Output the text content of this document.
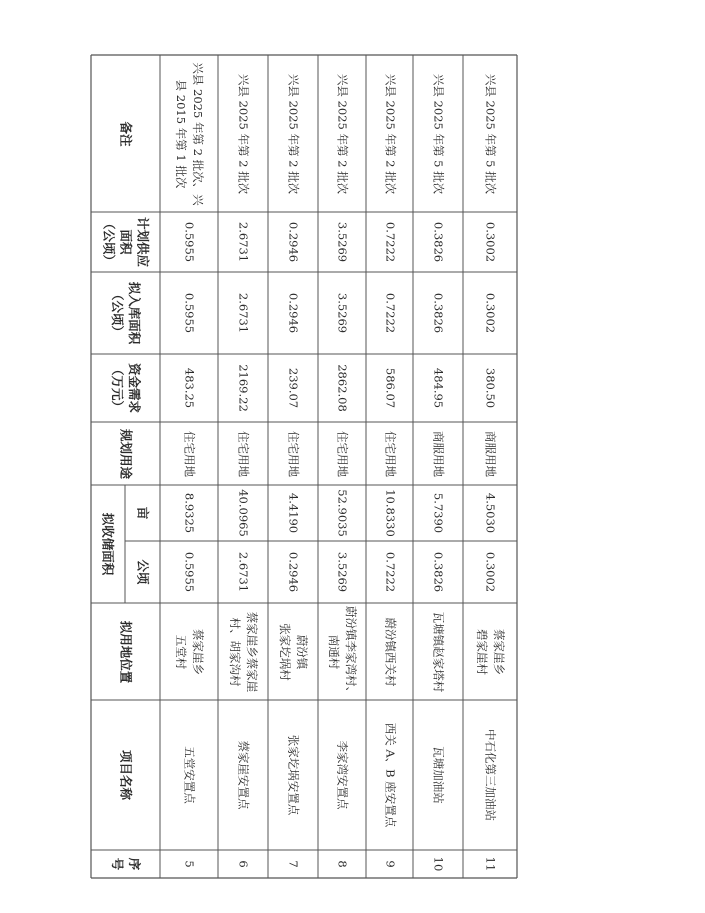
序
号
项目名称
拟用地位置
拟收储面积 公顷
亩
规划用途
资金需求
（万元）
拟入库面积
（公顷）
计划供应
面积
（公顷）
备注
5
五堂安置点
蔡家崖乡
五堂村
0.5955
8.9325
住宅用地
483.25
0.5955
0.5955
兴县 2025 年第 2 批次、兴
县 2015 年第 1 批次
6
蔡家崖安置点
蔡家崖乡蔡家崖
村、胡家沟村
2.6731
40.0965
住宅用地
2169.22
2.6731
2.6731
兴县 2025 年第 2 批次
7
张家圪埚安置点
蔚汾镇
张家圪埚村
0.2946
4.4190
住宅用地
239.07
0.2946
0.2946
兴县 2025 年第 2 批次
8
李家湾安置点
蔚汾镇李家湾村、
南通村
3.5269
52.9035
住宅用地
2862.08
3.5269
3.5269
兴县 2025 年第 2 批次
9
西关 A、B 座安置点
蔚汾镇西关村
0.7222
10.8330
住宅用地
586.07
0.7222
0.7222
兴县 2025 年第 2 批次
10
瓦塘加油站
瓦塘镇赵家塔村
0.3826
5.7390
商服用地
484.95
0.3826
0.3826
兴县 2025 年第 5 批次
11
中石化第三加油站
蔡家崖乡
碧家崖村
0.3002
4.5030
商服用地
380.50
0.3002
0.3002
兴县 2025 年第 5 批次
